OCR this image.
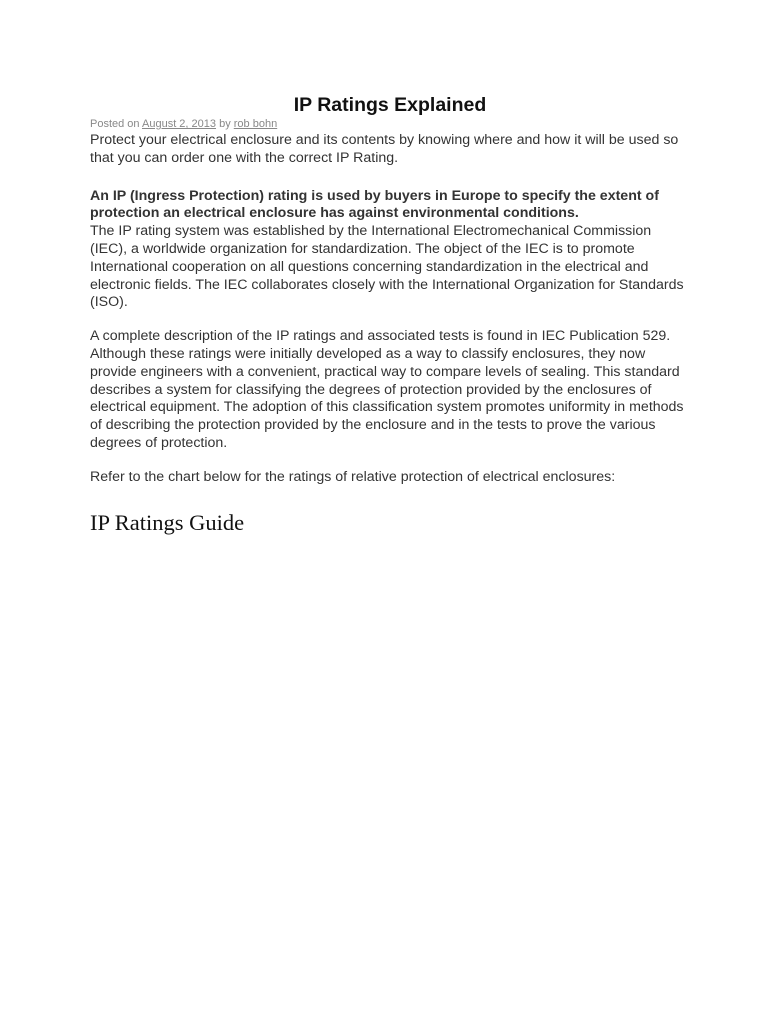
IP Ratings Explained
Posted on August 2, 2013 by rob bohn

Protect your electrical enclosure and its contents by knowing where and how it will be used so that you can order one with the correct IP Rating.

An IP (Ingress Protection) rating is used by buyers in Europe to specify the extent of protection an electrical enclosure has against environmental conditions.

The IP rating system was established by the International Electromechanical Commission (IEC), a worldwide organization for standardization. The object of the IEC is to promote International cooperation on all questions concerning standardization in the electrical and electronic fields. The IEC collaborates closely with the International Organization for Standards (ISO).

A complete description of the IP ratings and associated tests is found in IEC Publication 529. Although these ratings were initially developed as a way to classify enclosures, they now provide engineers with a convenient, practical way to compare levels of sealing. This standard describes a system for classifying the degrees of protection provided by the enclosures of electrical equipment. The adoption of this classification system promotes uniformity in methods of describing the protection provided by the enclosure and in the tests to prove the various degrees of protection.

Refer to the chart below for the ratings of relative protection of electrical enclosures:

IP Ratings Guide
